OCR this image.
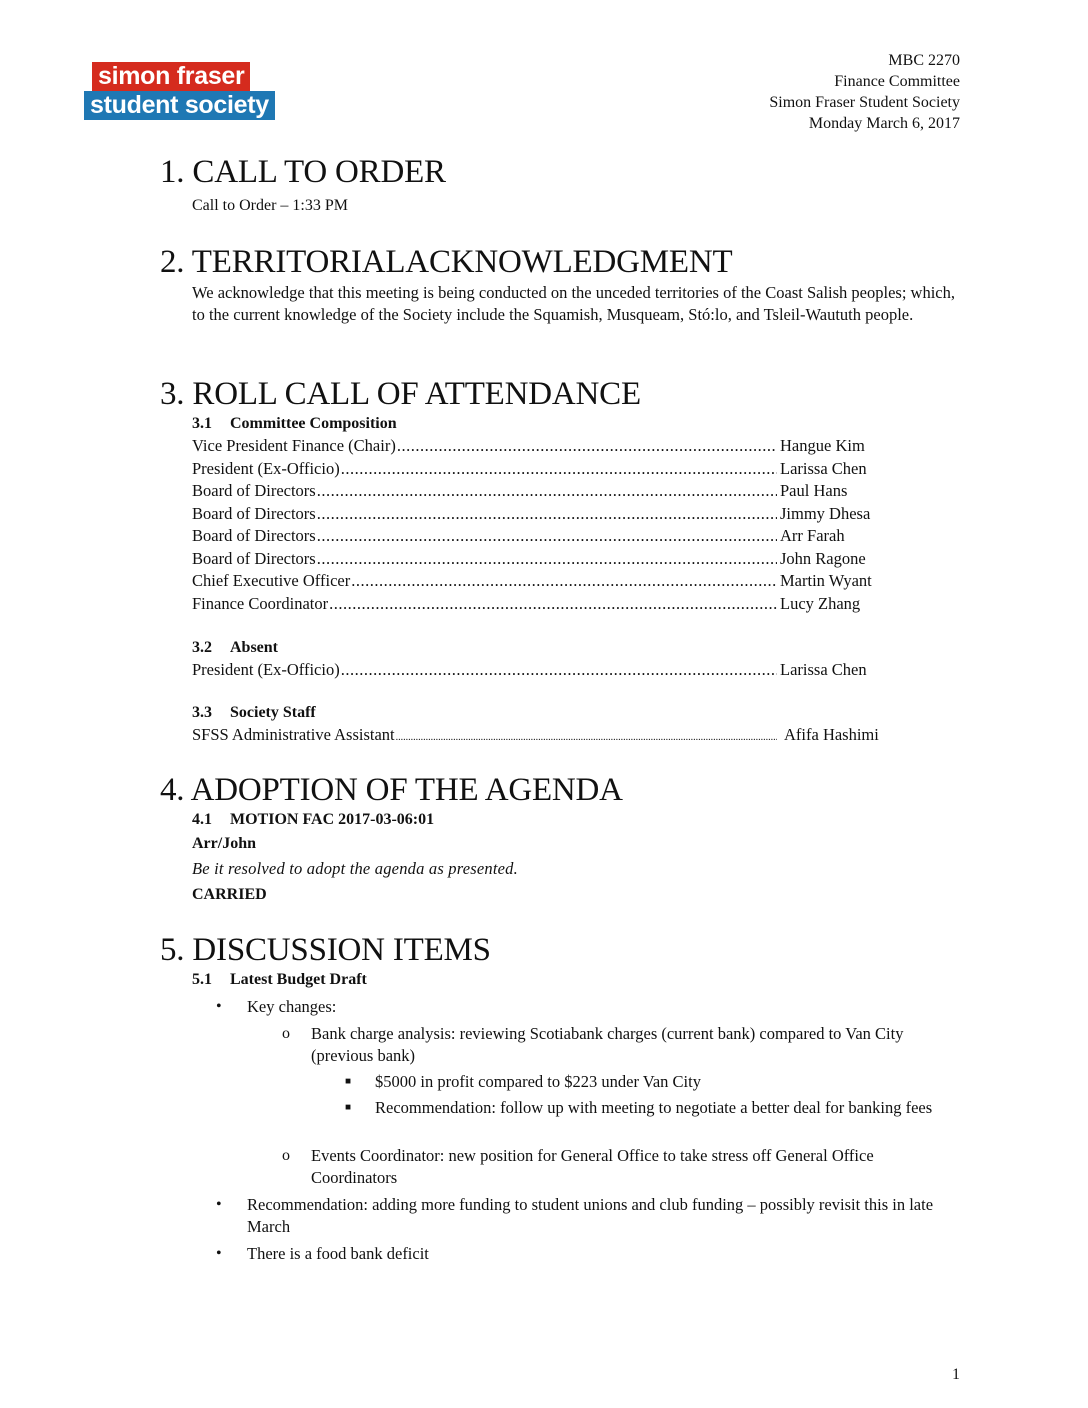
simon fraser
student society
MBC 2270
Finance Committee
Simon Fraser Student Society
Monday March 6, 2017
1. CALL TO ORDER
Call to Order – 1:33 PM
2. TERRITORIALACKNOWLEDGMENT
We acknowledge that this meeting is being conducted on the unceded territories of the Coast Salish peoples; which, to the current knowledge of the Society include the Squamish, Musqueam, Stó:lo, and Tsleil-Waututh people.
3. ROLL CALL OF ATTENDANCE
3.1 Committee Composition
Vice President Finance (Chair) .....	Hangue Kim
President (Ex-Officio) .....	Larissa Chen
Board of Directors .....	Paul Hans
Board of Directors .....	Jimmy Dhesa
Board of Directors .....	Arr Farah
Board of Directors .....	John Ragone
Chief Executive Officer .....	Martin Wyant
Finance Coordinator .....	Lucy Zhang
3.2 Absent
President (Ex-Officio) .....	Larissa Chen
3.3 Society Staff
SFSS Administrative Assistant .....	Afifa Hashimi
4. ADOPTION OF THE AGENDA
4.1 MOTION FAC 2017-03-06:01
Arr/John
Be it resolved to adopt the agenda as presented.
CARRIED
5. DISCUSSION ITEMS
5.1 Latest Budget Draft
• Key changes:
o Bank charge analysis: reviewing Scotiabank charges (current bank) compared to Van City (previous bank)
■ $5000 in profit compared to $223 under Van City
■ Recommendation: follow up with meeting to negotiate a better deal for banking fees
o Events Coordinator: new position for General Office to take stress off General Office Coordinators
• Recommendation: adding more funding to student unions and club funding – possibly revisit this in late March
• There is a food bank deficit
1
